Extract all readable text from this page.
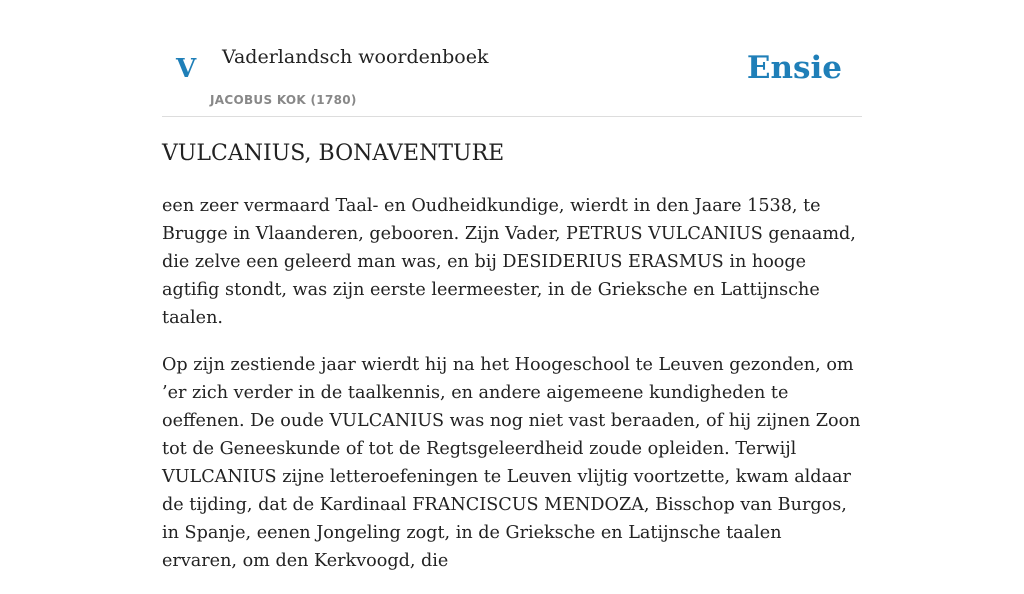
V Vaderlandsch woordenboek
JACOBUS KOK (1780)
Ensie
VULCANIUS, BONAVENTURE

een zeer vermaard Taal- en Oudheidkundige, wierdt in den Jaare 1538, te Brugge in Vlaanderen, gebooren. Zijn Vader, PETRUS VULCANIUS genaamd, die zelve een geleerd man was, en bij DESIDERIUS ERASMUS in hooge agtifig stondt, was zijn eerste leermeester, in de Grieksche en Lattijnsche taalen.

Op zijn zestiende jaar wierdt hij na het Hoogeschool te Leuven gezonden, om ’er zich verder in de taalkennis, en andere aigemeene kundigheden te oeffenen. De oude VULCANIUS was nog niet vast beraaden, of hij zijnen Zoon tot de Geneeskunde of tot de Regtsgeleerdheid zoude opleiden. Terwijl VULCANIUS zijne letteroefeningen te Leuven vlijtig voortzette, kwam aldaar de tijding, dat de Kardinaal FRANCISCUS MENDOZA, Bisschop van Burgos, in Spanje, eenen Jongeling zogt, in de Grieksche en Latijnsche taalen ervaren, om den Kerkvoogd, die
